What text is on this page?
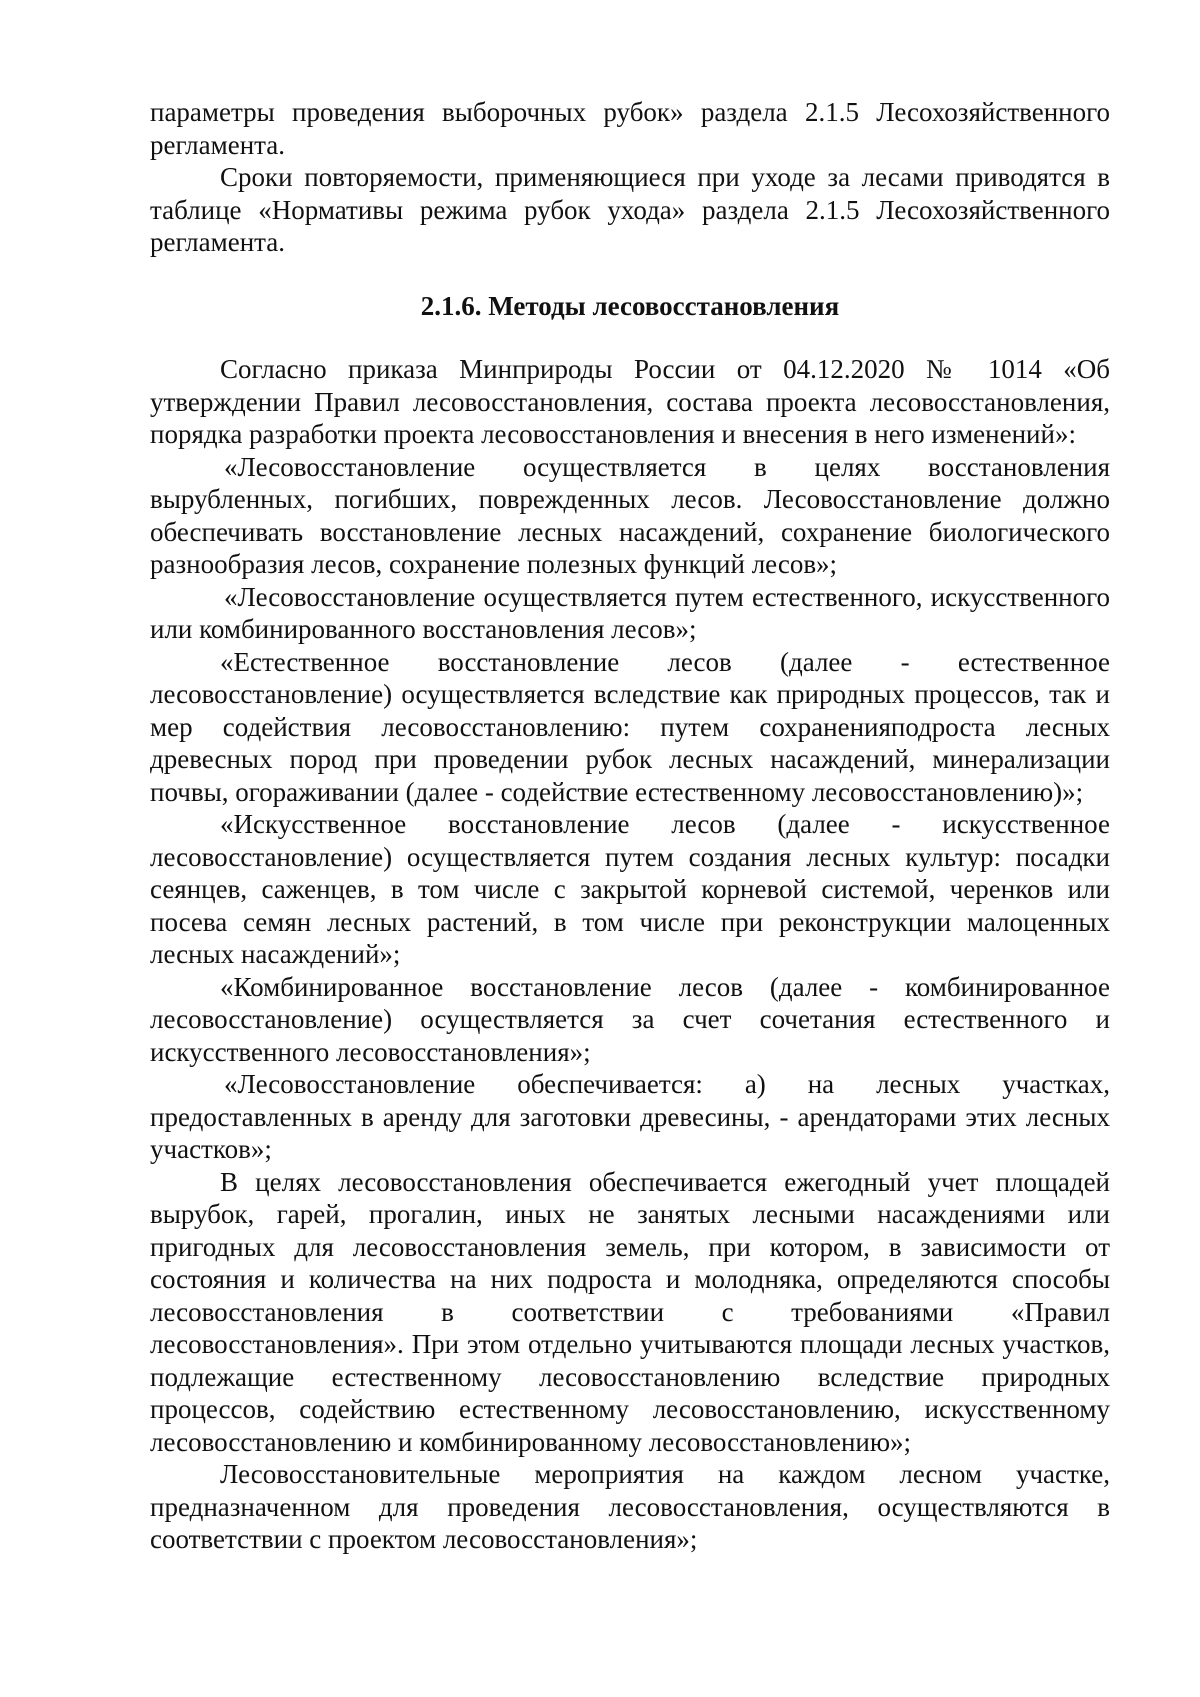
параметры проведения выборочных рубок» раздела 2.1.5 Лесохозяйственного регламента.

Сроки повторяемости, применяющиеся при уходе за лесами приводятся в таблице «Нормативы режима рубок ухода» раздела 2.1.5 Лесохозяйственного регламента.

2.1.6. Методы лесовосстановления

Согласно приказа Минприроды России от 04.12.2020 № 1014 «Об утверждении Правил лесовосстановления, состава проекта лесовосстановления, порядка разработки проекта лесовосстановления и внесения в него изменений»:

«Лесовосстановление осуществляется в целях восстановления вырубленных, погибших, поврежденных лесов. Лесовосстановление должно обеспечивать восстановление лесных насаждений, сохранение биологического разнообразия лесов, сохранение полезных функций лесов»;

«Лесовосстановление осуществляется путем естественного, искусственного или комбинированного восстановления лесов»;

«Естественное восстановление лесов (далее - естественное лесовосстановление) осуществляется вследствие как природных процессов, так и мер содействия лесовосстановлению: путем сохраненияподроста лесных древесных пород при проведении рубок лесных насаждений, минерализации почвы, огораживании (далее - содействие естественному лесовосстановлению)»;

«Искусственное восстановление лесов (далее - искусственное лесовосстановление) осуществляется путем создания лесных культур: посадки сеянцев, саженцев, в том числе с закрытой корневой системой, черенков или посева семян лесных растений, в том числе при реконструкции малоценных лесных насаждений»;

«Комбинированное восстановление лесов (далее - комбинированное лесовосстановление) осуществляется за счет сочетания естественного и искусственного лесовосстановления»;

«Лесовосстановление обеспечивается: а) на лесных участках, предоставленных в аренду для заготовки древесины, - арендаторами этих лесных участков»;

В целях лесовосстановления обеспечивается ежегодный учет площадей вырубок, гарей, прогалин, иных не занятых лесными насаждениями или пригодных для лесовосстановления земель, при котором, в зависимости от состояния и количества на них подроста и молодняка, определяются способы лесовосстановления в соответствии с требованиями «Правил лесовосстановления». При этом отдельно учитываются площади лесных участков, подлежащие естественному лесовосстановлению вследствие природных процессов, содействию естественному лесовосстановлению, искусственному лесовосстановлению и комбинированному лесовосстановлению»;

Лесовосстановительные мероприятия на каждом лесном участке, предназначенном для проведения лесовосстановления, осуществляются в соответствии с проектом лесовосстановления»;
